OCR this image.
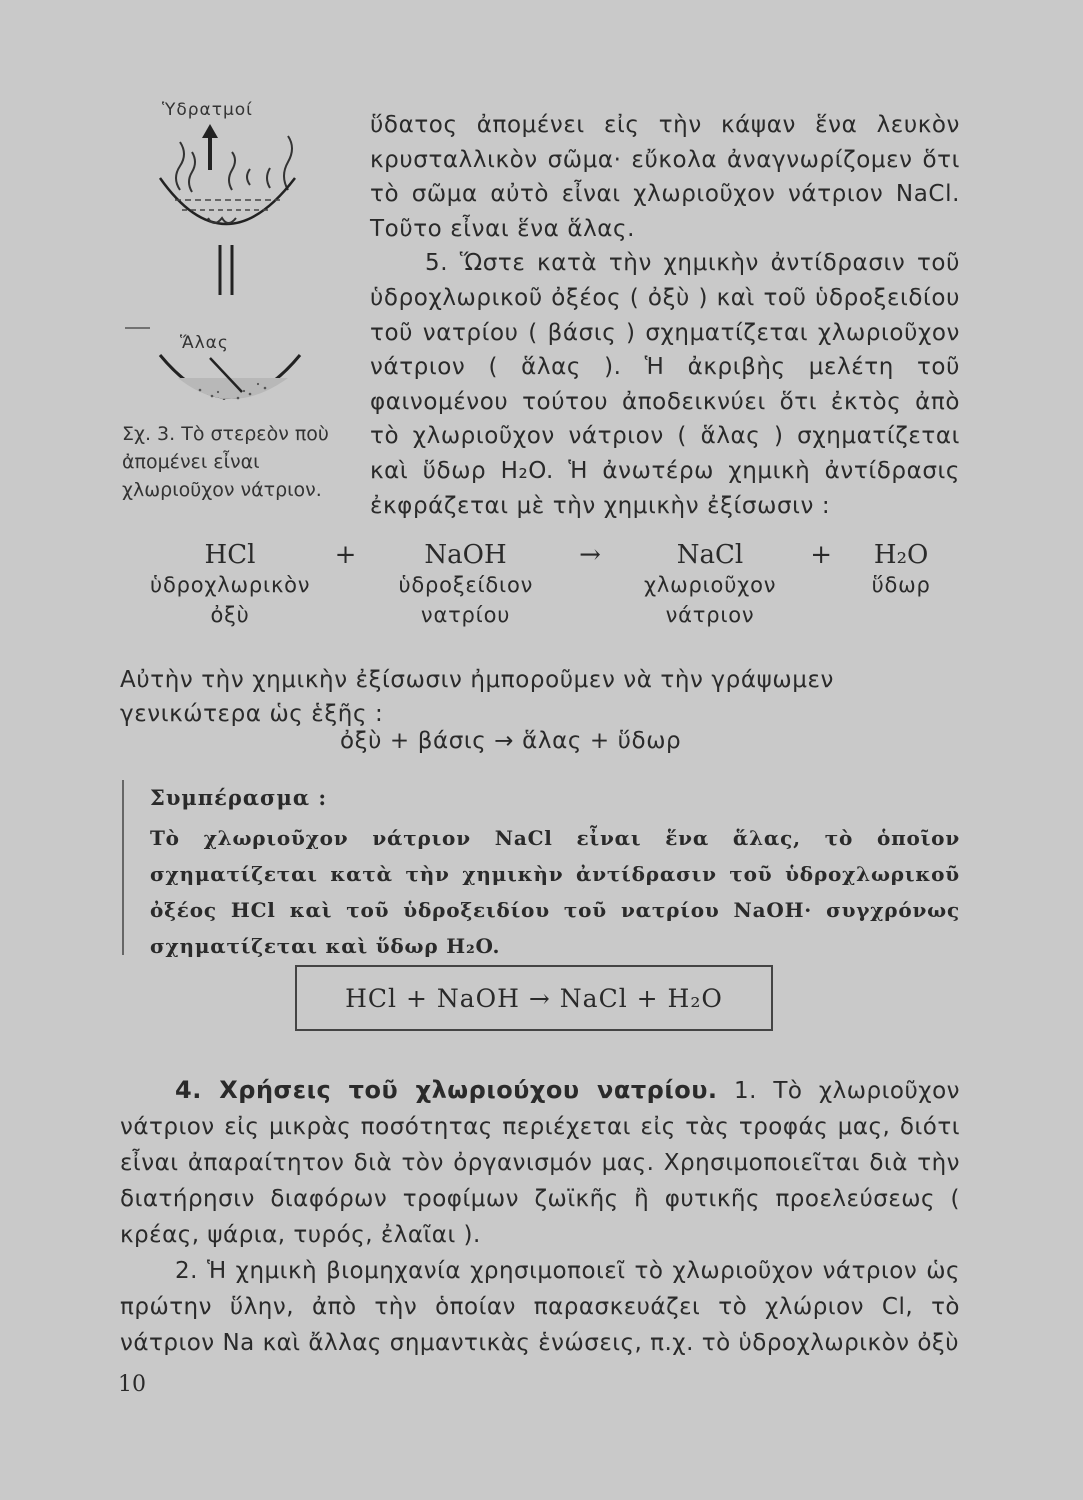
Ὑδρατμοί
Ἅλας
Σχ. 3. Τὸ στερεὸν ποὺ ἀπομένει εἶναι χλωριοῦχον νάτριον.
ὕδατος ἀπομένει εἰς τὴν κάψαν ἕνα λευκὸν κρυσταλλικὸν σῶμα· εὔκολα ἀναγνωρίζομεν ὅτι τὸ σῶμα αὐτὸ εἶναι χλωριοῦχον νάτριον NaCl. Τοῦτο εἶναι ἕνα ἅλας.
5. Ὥστε κατὰ τὴν χημικὴν ἀντίδρασιν τοῦ ὑδροχλωρικοῦ ὀξέος ( ὀξὺ ) καὶ τοῦ ὑδροξειδίου τοῦ νατρίου ( βάσις ) σχηματίζεται χλωριοῦχον νάτριον ( ἅλας ). Ἡ ἀκριβὴς μελέτη τοῦ φαινομένου τούτου ἀποδεικνύει ὅτι ἐκτὸς ἀπὸ τὸ χλωριοῦχον νάτριον ( ἅλας ) σχηματίζεται καὶ ὕδωρ H₂O. Ἡ ἀνωτέρω χημικὴ ἀντίδρασις ἐκφράζεται μὲ τὴν χημικὴν ἐξίσωσιν :
HCl	+	NaOH	→	NaCl	+	H₂O
ὑδροχλωρικὸν	ὑδροξείδιον	χλωριοῦχον	ὕδωρ
ὀξὺ	νατρίου	νάτριον
Αὐτὴν τὴν χημικὴν ἐξίσωσιν ἠμποροῦμεν νὰ τὴν γράψωμεν γενικώτερα ὡς ἑξῆς :
ὀξὺ + βάσις → ἅλας + ὕδωρ
Συμπέρασμα :
Τὸ χλωριοῦχον νάτριον NaCl εἶναι ἕνα ἅλας, τὸ ὁποῖον σχηματίζεται κατὰ τὴν χημικὴν ἀντίδρασιν τοῦ ὑδροχλωρικοῦ ὀξέος HCl καὶ τοῦ ὑδροξειδίου τοῦ νατρίου NaOH· συγχρόνως σχηματίζεται καὶ ὕδωρ H₂O.
HCl + NaOH → NaCl + H₂O
4. Χρήσεις τοῦ χλωριούχου νατρίου. 1. Τὸ χλωριοῦχον νάτριον εἰς μικρὰς ποσότητας περιέχεται εἰς τὰς τροφάς μας, διότι εἶναι ἀπαραίτητον διὰ τὸν ὀργανισμόν μας. Χρησιμοποιεῖται διὰ τὴν διατήρησιν διαφόρων τροφίμων ζωϊκῆς ἢ φυτικῆς προελεύσεως ( κρέας, ψάρια, τυρός, ἐλαῖαι ).
2. Ἡ χημικὴ βιομηχανία χρησιμοποιεῖ τὸ χλωριοῦχον νάτριον ὡς πρώτην ὕλην, ἀπὸ τὴν ὁποίαν παρασκευάζει τὸ χλώριον Cl, τὸ νάτριον Na καὶ ἄλλας σημαντικὰς ἑνώσεις, π.χ. τὸ ὑδροχλωρικὸν ὀξὺ
10
